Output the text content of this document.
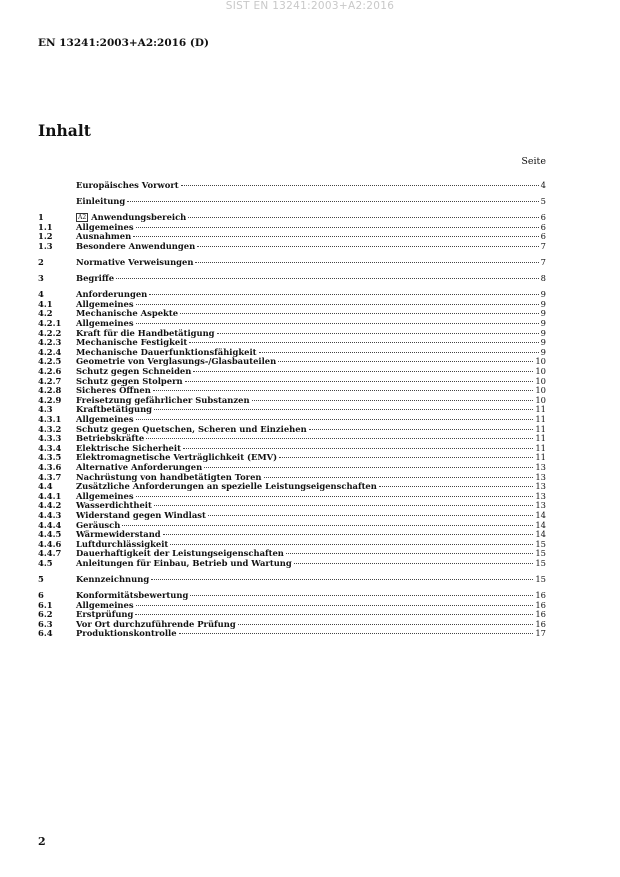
SIST EN 13241:2003+A2:2016
EN 13241:2003+A2:2016 (D)
Inhalt
Seite
Europäisches Vorwort	4
Einleitung	5
1	A2 Anwendungsbereich	6
1.1	Allgemeines	6
1.2	Ausnahmen	6
1.3	Besondere Anwendungen	7
2	Normative Verweisungen	7
3	Begriffe	8
4	Anforderungen	9
4.1	Allgemeines	9
4.2	Mechanische Aspekte	9
4.2.1	Allgemeines	9
4.2.2	Kraft für die Handbetätigung	9
4.2.3	Mechanische Festigkeit	9
4.2.4	Mechanische Dauerfunktionsfähigkeit	9
4.2.5	Geometrie von Verglasungs-/Glasbauteilen	10
4.2.6	Schutz gegen Schneiden	10
4.2.7	Schutz gegen Stolpern	10
4.2.8	Sicheres Öffnen	10
4.2.9	Freisetzung gefährlicher Substanzen	10
4.3	Kraftbetätigung	11
4.3.1	Allgemeines	11
4.3.2	Schutz gegen Quetschen, Scheren und Einziehen	11
4.3.3	Betriebskräfte	11
4.3.4	Elektrische Sicherheit	11
4.3.5	Elektromagnetische Verträglichkeit (EMV)	11
4.3.6	Alternative Anforderungen	13
4.3.7	Nachrüstung von handbetätigten Toren	13
4.4	Zusätzliche Anforderungen an spezielle Leistungseigenschaften	13
4.4.1	Allgemeines	13
4.4.2	Wasserdichtheit	13
4.4.3	Widerstand gegen Windlast	14
4.4.4	Geräusch	14
4.4.5	Wärmewiderstand	14
4.4.6	Luftdurchlässigkeit	15
4.4.7	Dauerhaftigkeit der Leistungseigenschaften	15
4.5	Anleitungen für Einbau, Betrieb und Wartung	15
5	Kennzeichnung	15
6	Konformitätsbewertung	16
6.1	Allgemeines	16
6.2	Erstprüfung	16
6.3	Vor Ort durchzuführende Prüfung	16
6.4	Produktionskontrolle	17
2
